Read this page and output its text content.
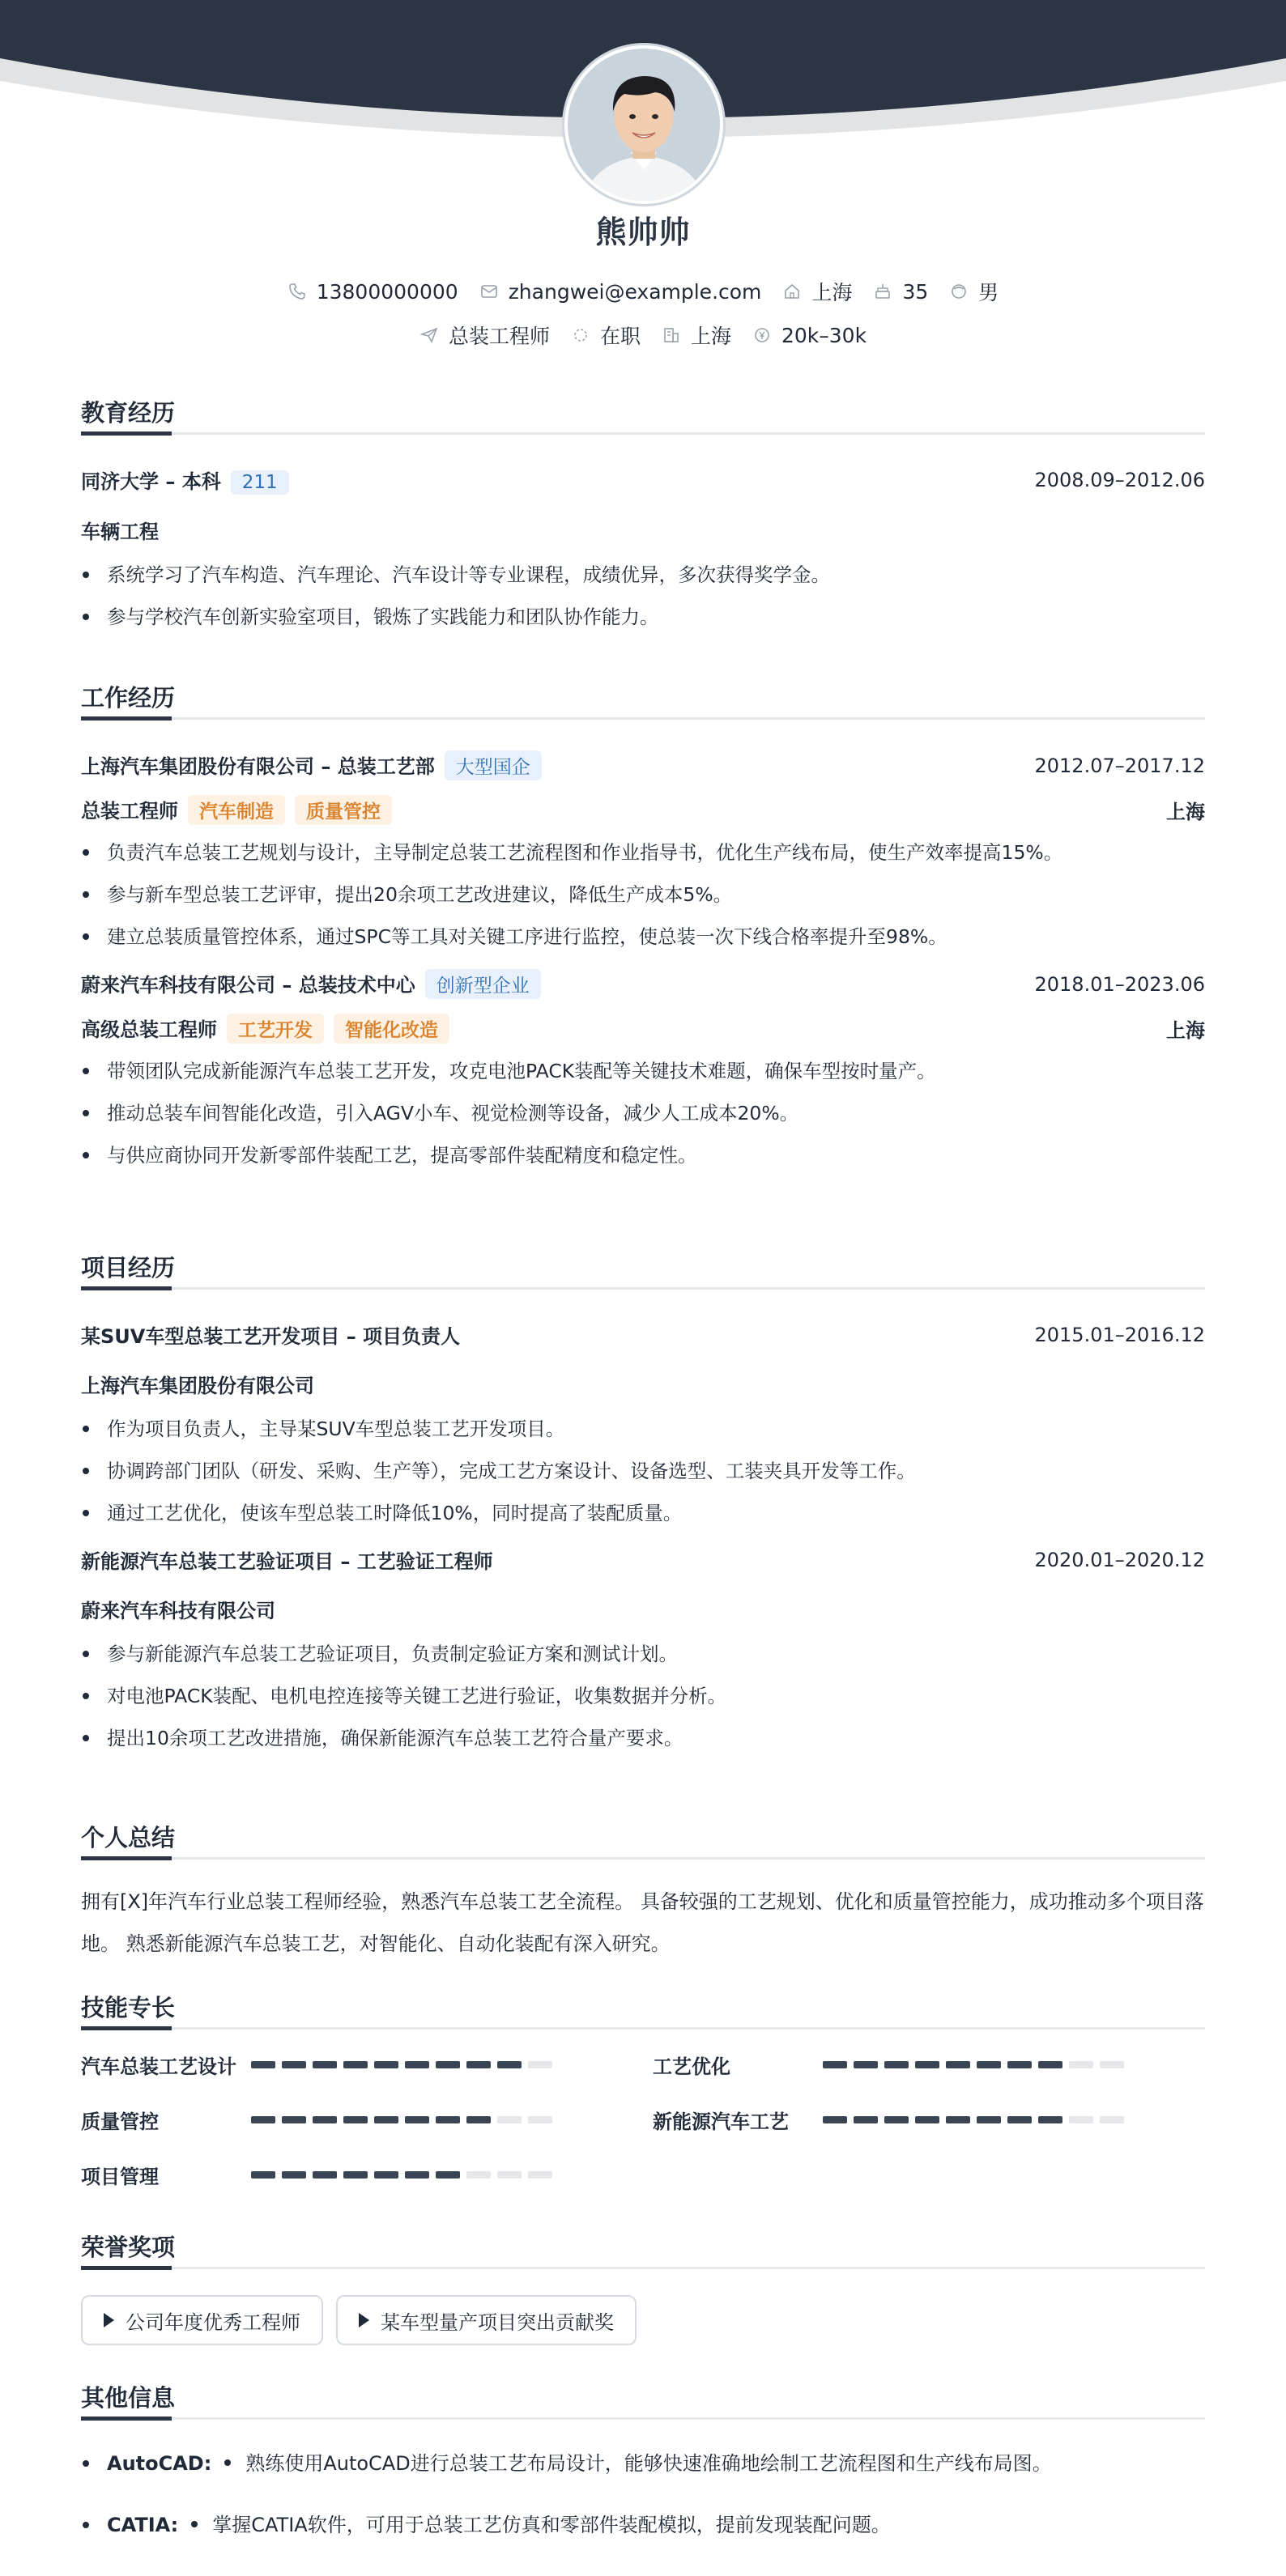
熊帅帅
13800000000 zhangwei@example.com 上海 35 男
总装工程师 在职 上海 20k–30k
教育经历
同济大学 – 本科 211	2008.09–2012.06
车辆工程
系统学习了汽车构造、汽车理论、汽车设计等专业课程，成绩优异，多次获得奖学金。
参与学校汽车创新实验室项目，锻炼了实践能力和团队协作能力。
工作经历
上海汽车集团股份有限公司 – 总装工艺部 大型国企	2012.07–2017.12
总装工程师 汽车制造 质量管控	上海
负责汽车总装工艺规划与设计，主导制定总装工艺流程图和作业指导书，优化生产线布局，使生产效率提高15%。
参与新车型总装工艺评审，提出20余项工艺改进建议，降低生产成本5%。
建立总装质量管控体系，通过SPC等工具对关键工序进行监控，使总装一次下线合格率提升至98%。
蔚来汽车科技有限公司 – 总装技术中心 创新型企业	2018.01–2023.06
高级总装工程师 工艺开发 智能化改造	上海
带领团队完成新能源汽车总装工艺开发，攻克电池PACK装配等关键技术难题，确保车型按时量产。
推动总装车间智能化改造，引入AGV小车、视觉检测等设备，减少人工成本20%。
与供应商协同开发新零部件装配工艺，提高零部件装配精度和稳定性。
项目经历
某SUV车型总装工艺开发项目 – 项目负责人	2015.01–2016.12
上海汽车集团股份有限公司
作为项目负责人，主导某SUV车型总装工艺开发项目。
协调跨部门团队（研发、采购、生产等），完成工艺方案设计、设备选型、工装夹具开发等工作。
通过工艺优化，使该车型总装工时降低10%，同时提高了装配质量。
新能源汽车总装工艺验证项目 – 工艺验证工程师	2020.01–2020.12
蔚来汽车科技有限公司
参与新能源汽车总装工艺验证项目，负责制定验证方案和测试计划。
对电池PACK装配、电机电控连接等关键工艺进行验证，收集数据并分析。
提出10余项工艺改进措施，确保新能源汽车总装工艺符合量产要求。
个人总结
拥有[X]年汽车行业总装工程师经验，熟悉汽车总装工艺全流程。 具备较强的工艺规划、优化和质量管控能力，成功推动多个项目落
地。 熟悉新能源汽车总装工艺，对智能化、自动化装配有深入研究。
技能专长
汽车总装工艺设计	工艺优化
质量管控	新能源汽车工艺
项目管理
荣誉奖项
公司年度优秀工程师	某车型量产项目突出贡献奖
其他信息
AutoCAD: 熟练使用AutoCAD进行总装工艺布局设计，能够快速准确地绘制工艺流程图和生产线布局图。
CATIA: 掌握CATIA软件，可用于总装工艺仿真和零部件装配模拟，提前发现装配问题。
